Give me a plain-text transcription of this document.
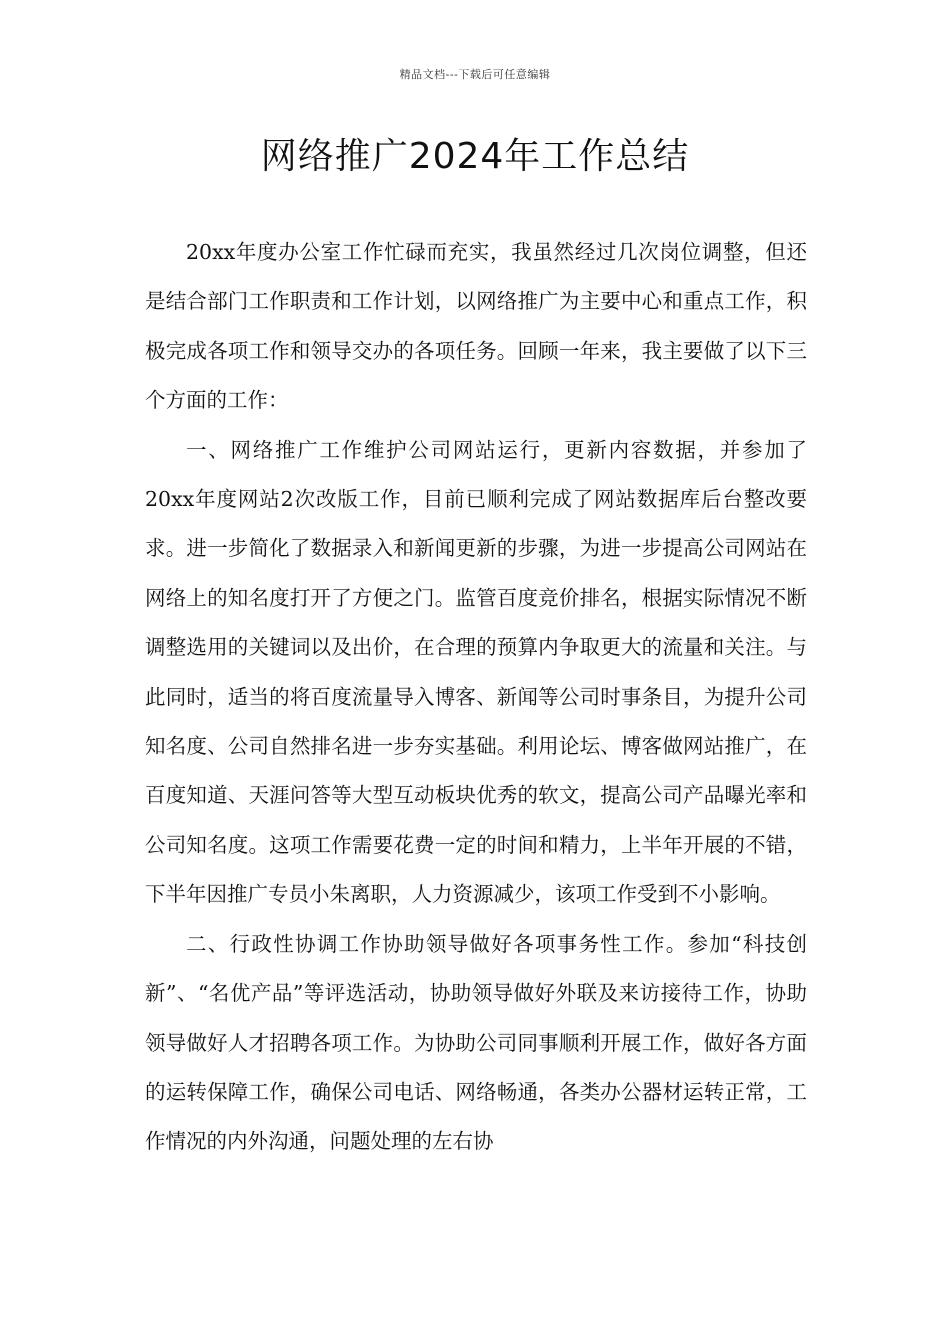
精品文档---下载后可任意编辑
网络推广2024年工作总结

20xx年度办公室工作忙碌而充实，我虽然经过几次岗位调整，但还是结合部门工作职责和工作计划，以网络推广为主要中心和重点工作，积极完成各项工作和领导交办的各项任务。回顾一年来，我主要做了以下三个方面的工作：

一、网络推广工作维护公司网站运行，更新内容数据，并参加了20xx年度网站2次改版工作，目前已顺利完成了网站数据库后台整改要求。进一步简化了数据录入和新闻更新的步骤，为进一步提高公司网站在网络上的知名度打开了方便之门。监管百度竞价排名，根据实际情况不断调整选用的关键词以及出价，在合理的预算内争取更大的流量和关注。与此同时，适当的将百度流量导入博客、新闻等公司时事条目，为提升公司知名度、公司自然排名进一步夯实基础。利用论坛、博客做网站推广，在百度知道、天涯问答等大型互动板块优秀的软文，提高公司产品曝光率和公司知名度。这项工作需要花费一定的时间和精力，上半年开展的不错，下半年因推广专员小朱离职，人力资源减少，该项工作受到不小影响。

二、行政性协调工作协助领导做好各项事务性工作。参加“科技创新”、“名优产品”等评选活动，协助领导做好外联及来访接待工作，协助领导做好人才招聘各项工作。为协助公司同事顺利开展工作，做好各方面的运转保障工作，确保公司电话、网络畅通，各类办公器材运转正常，工作情况的内外沟通，问题处理的左右协
